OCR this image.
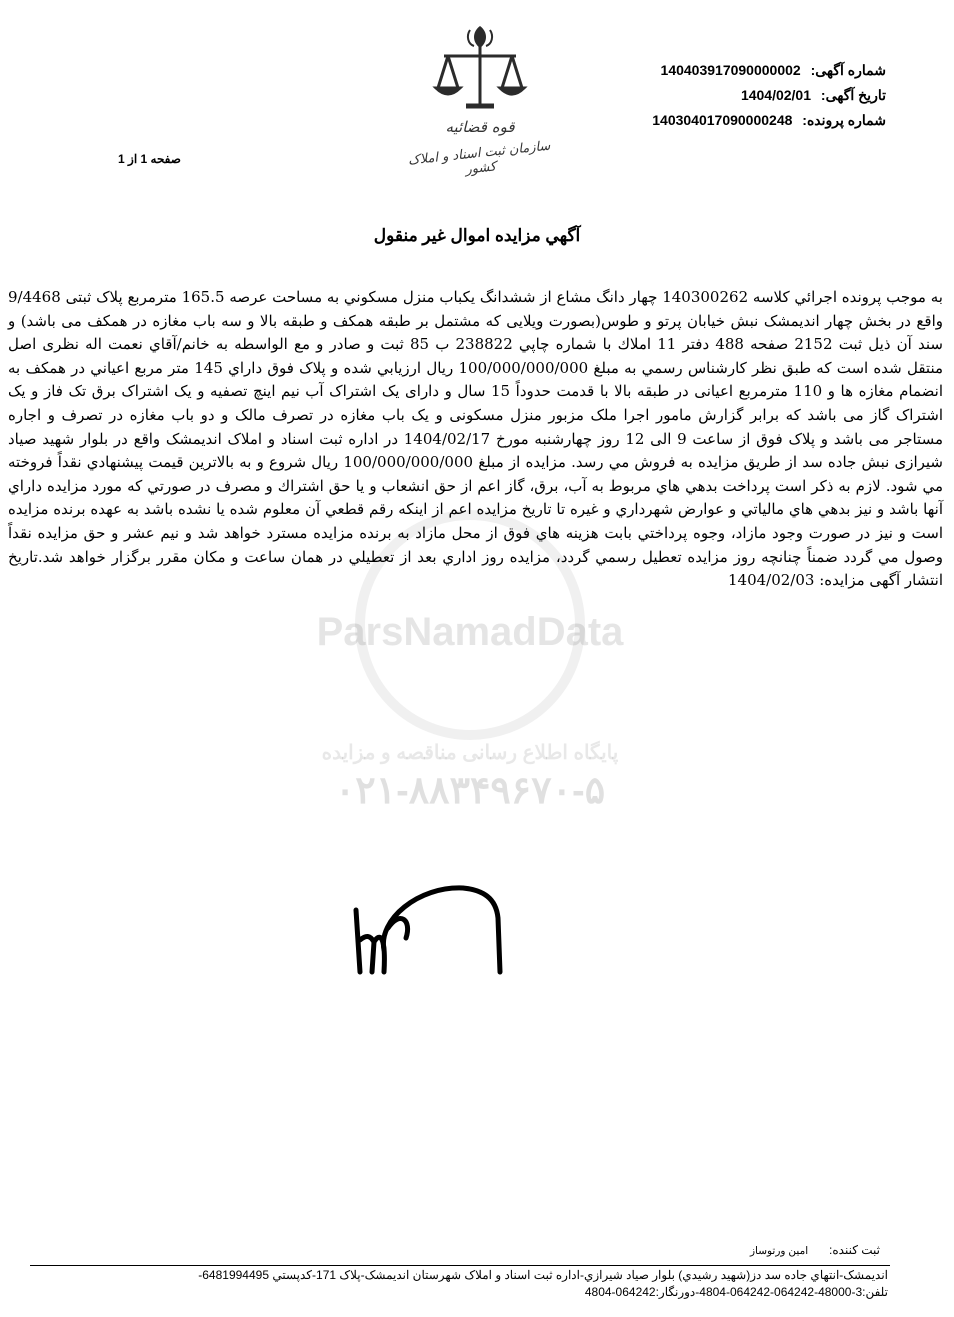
شماره آگهی: 140403917090000002
تاریخ آگهی: 1404/02/01
شماره پرونده: 140304017090000248
قوه قضائیه
سازمان ثبت اسناد و املاک کشور
صفحه 1 از 1
آگهي مزايده اموال غير منقول
ParsNamadData
پایگاه اطلاع رسانی مناقصه و مزایده
۰۲۱-۸۸۳۴۹۶۷۰-۵
به موجب پرونده اجرائي كلاسه 140300262 چهار دانگ مشاع از ششدانگ يكباب منزل مسكوني به مساحت عرصه 165.5 مترمربع پلاک ثبتی 9/4468 واقع در بخش چهار انديمشک نبش خيابان پرتو و طوس(بصورت ويلايی كه مشتمل بر طبقه همكف و طبقه بالا و سه باب مغازه در همكف می باشد) و سند آن ذيل ثبت 2152 صفحه 488 دفتر 11 املاك با شماره چاپي 238822 ب 85 ثبت و صادر و مع الواسطه به خانم/آقاي نعمت اله نظری اصل منتقل شده است كه طبق نظر كارشناس رسمي به مبلغ 100/000/000/000 ريال ارزيابي شده و پلاک فوق داراي 145 متر مربع اعياني در همكف به انضمام مغازه ها و 110 مترمربع اعيانی در طبقه بالا با قدمت حدوداً 15 سال و دارای يک اشتراک آب نيم اينچ تصفيه و يک اشتراک برق تک فاز و يک اشتراک گاز می باشد كه برابر گزارش مامور اجرا ملک مزبور منزل مسكونی و يک باب مغازه در تصرف مالک و دو باب مغازه در تصرف و اجاره مستاجر می باشد و پلاک فوق از ساعت 9 الی 12 روز چهارشنبه مورخ 1404/02/17 در اداره ثبت اسناد و املاک انديمشک واقع در بلوار شهيد صياد شيرازی نبش جاده سد از طريق مزايده به فروش مي رسد. مزايده از مبلغ 100/000/000/000 ريال شروع و به بالاترين قيمت پيشنهادي نقداً فروخته مي شود. لازم به ذكر است پرداخت بدهي هاي مربوط به آب، برق، گاز اعم از حق انشعاب و يا حق اشتراك و مصرف در صورتي كه مورد مزايده داراي آنها باشد و نيز بدهي هاي مالياتي و عوارض شهرداري و غيره تا تاريخ مزايده اعم از اينكه رقم قطعي آن معلوم شده يا نشده باشد به عهده برنده مزايده است و نيز در صورت وجود مازاد، وجوه پرداختي بابت هزينه هاي فوق از محل مازاد به برنده مزايده مسترد خواهد شد و نيم عشر و حق مزايده نقداً وصول مي گردد ضمناً چنانچه روز مزايده تعطيل رسمي گردد، مزايده روز اداري بعد از تعطيلي در همان ساعت و مكان مقرر برگزار خواهد شد.تاريخ انتشار آگهی مزايده: 1404/02/03
ثبت کننده: امين ورتوساز
انديمشک-انتهاي جاده سد دز(شهيد رشيدي) بلوار صياد شيرازي-اداره ثبت اسناد و املاک شهرستان انديمشک-پلاک 171-کدپستي 6481994495-
تلفن:3-48000-064242-064242-4804-دورنگار:064242-4804
